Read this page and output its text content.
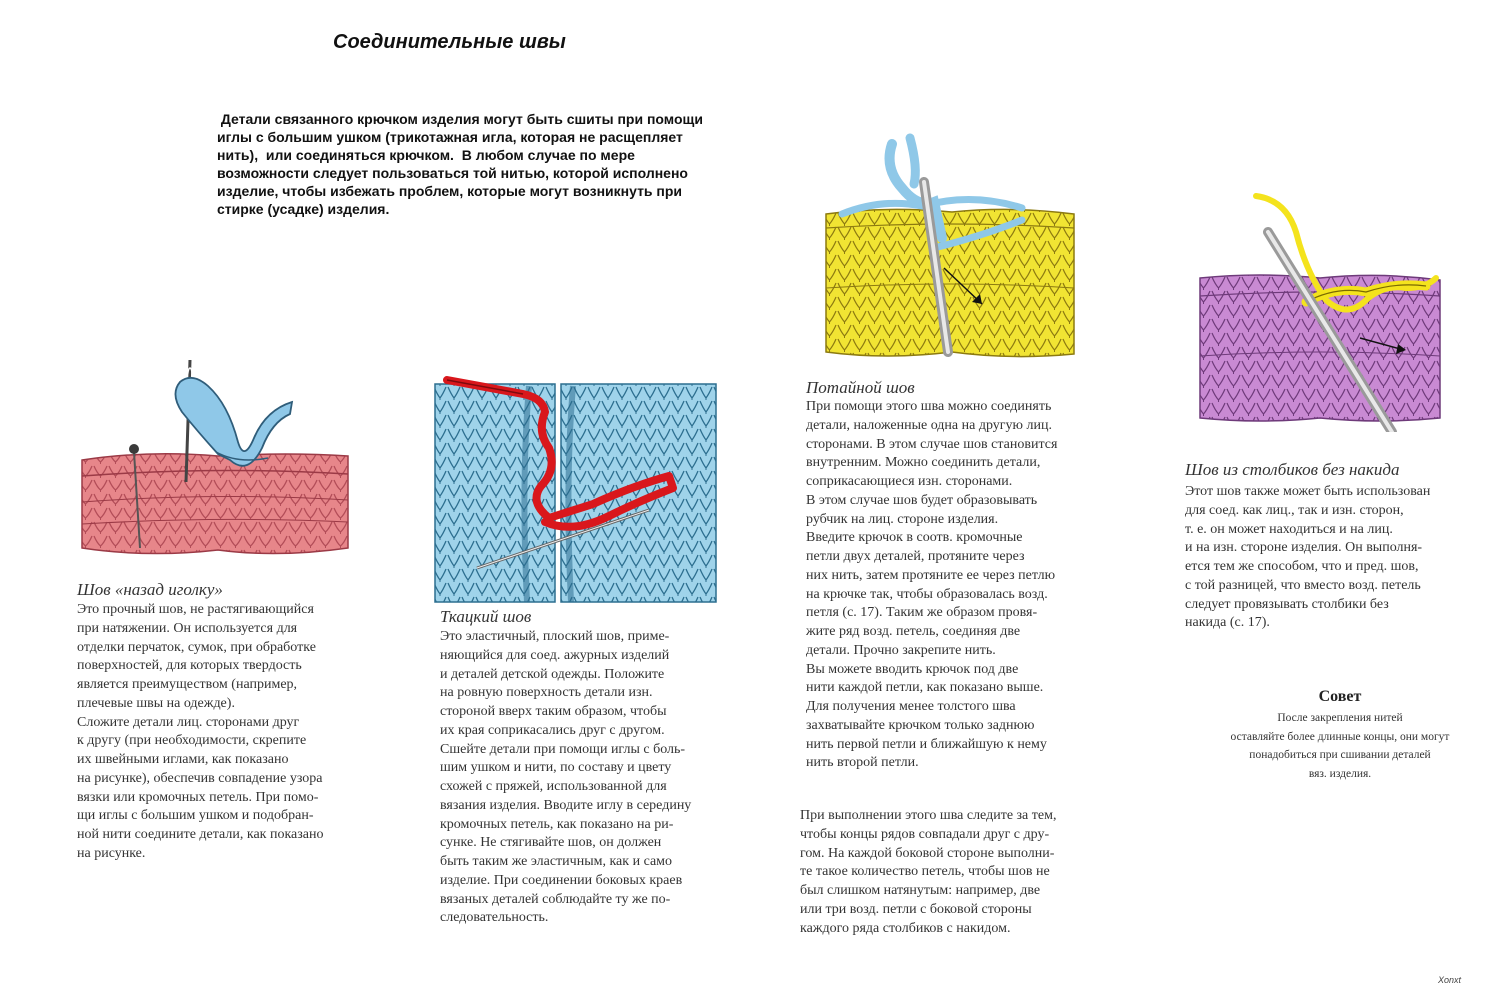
Соединительные швы
Детали связанного крючком изделия могут быть сшиты при помощи
иглы с большим ушком (трикотажная игла, которая не расщепляет
нить),  или соединяться крючком.  В любом случае по мере
возможности следует пользоваться той нитью, которой исполнено
изделие, чтобы избежать проблем, которые могут возникнуть при
стирке (усадке) изделия.
Шов «назад иголку»
Это прочный шов, не растягивающийся
при натяжении. Он используется для
отделки перчаток, сумок, при обработке
поверхностей, для которых твердость
является преимуществом (например,
плечевые швы на одежде).
Сложите детали лиц. сторонами друг
к другу (при необходимости, скрепите
их швейными иглами, как показано
на рисунке), обеспечив совпадение узора
вязки или кромочных петель. При помо-
щи иглы с большим ушком и подобран-
ной нити соедините детали, как показано
на рисунке.
Ткацкий шов
Это эластичный, плоский шов, приме-
няющийся для соед. ажурных изделий
и деталей детской одежды. Положите
на ровную поверхность детали изн.
стороной вверх таким образом, чтобы
их края соприкасались друг с другом.
Сшейте детали при помощи иглы с боль-
шим ушком и нити, по составу и цвету
схожей с пряжей, использованной для
вязания изделия. Вводите иглу в середину
кромочных петель, как показано на ри-
сунке. Не стягивайте шов, он должен
быть таким же эластичным, как и само
изделие. При соединении боковых краев
вязаных деталей соблюдайте ту же по-
следовательность.
Потайной шов
При помощи этого шва можно соединять
детали, наложенные одна на другую лиц.
сторонами. В этом случае шов становится
внутренним. Можно соединить детали,
соприкасающиеся изн. сторонами.
В этом случае шов будет образовывать
рубчик на лиц. стороне изделия.
Введите крючок в соотв. кромочные
петли двух деталей, протяните через
них нить, затем протяните ее через петлю
на крючке так, чтобы образовалась возд.
петля (с. 17). Таким же образом провя-
жите ряд возд. петель, соединяя две
детали. Прочно закрепите нить.
Вы можете вводить крючок под две
нити каждой петли, как показано выше.
Для получения менее толстого шва
захватывайте крючком только заднюю
нить первой петли и ближайшую к нему
нить второй петли.
При выполнении этого шва следите за тем,
чтобы концы рядов совпадали друг с дру-
гом. На каждой боковой стороне выполни-
те такое количество петель, чтобы шов не
был слишком натянутым: например, две
или три возд. петли с боковой стороны
каждого ряда столбиков с накидом.
Шов из столбиков без накида
Этот шов также может быть использован
для соед. как лиц., так и изн. сторон,
т. е. он может находиться и на лиц.
и на изн. стороне изделия. Он выполня-
ется тем же способом, что и пред. шов,
с той разницей, что вместо возд. петель
следует провязывать столбики без
накида (с. 17).
Совет
После закрепления нитей
оставляйте более длинные концы, они могут
понадобиться при сшивании деталей
вяз. изделия.
Xonxt
